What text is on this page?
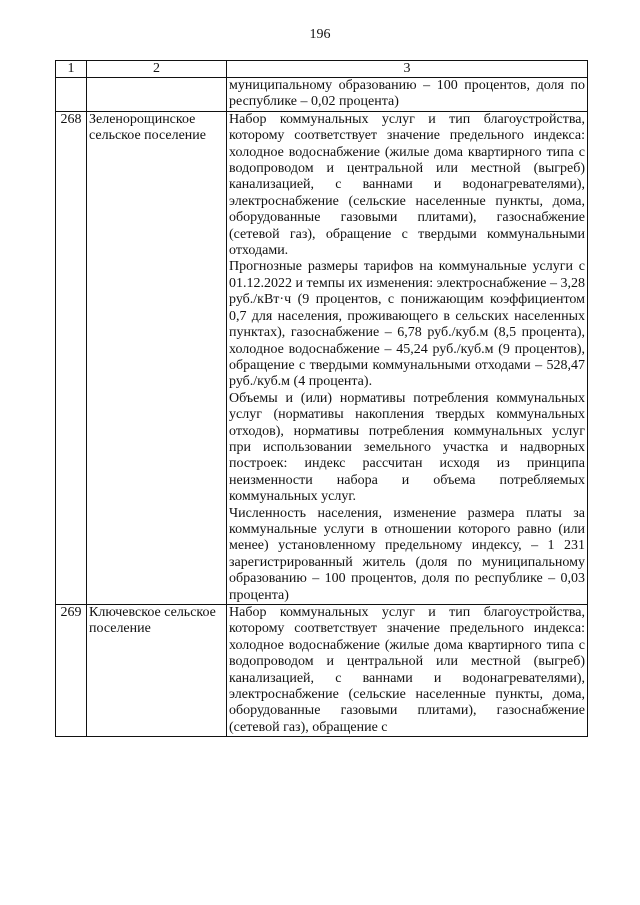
196
1	2	3

		муниципальному образованию – 100 процентов, доля по республике – 0,02 процента)

268	Зеленорощинское сельское поселение	Набор коммунальных услуг и тип благоустройства, которому соответствует значение предельного индекса: холодное водоснабжение (жилые дома квартирного типа с водопроводом и центральной или местной (выгреб) канализацией, с ваннами и водонагревателями), электроснабжение (сельские населенные пункты, дома, оборудованные газовыми плитами), газоснабжение (сетевой газ), обращение с твердыми коммунальными отходами.

Прогнозные размеры тарифов на коммунальные услуги с 01.12.2022 и темпы их изменения: электроснабжение – 3,28 руб./кВт·ч (9 процентов, с понижающим коэффициентом 0,7 для населения, проживающего в сельских населенных пунктах), газоснабжение – 6,78 руб./куб.м (8,5 процента), холодное водоснабжение – 45,24 руб./куб.м (9 процентов), обращение с твердыми коммунальными отходами – 528,47 руб./куб.м (4 процента).

Объемы и (или) нормативы потребления коммунальных услуг (нормативы накопления твердых коммунальных отходов), нормативы потребления коммунальных услуг при использовании земельного участка и надворных построек: индекс рассчитан исходя из принципа неизменности набора и объема потребляемых коммунальных услуг.

Численность населения, изменение размера платы за коммунальные услуги в отношении которого равно (или менее) установленному предельному индексу, – 1 231 зарегистрированный житель (доля по муниципальному образованию – 100 процентов, доля по республике – 0,03 процента)

269	Ключевское сельское поселение	Набор коммунальных услуг и тип благоустройства, которому соответствует значение предельного индекса: холодное водоснабжение (жилые дома квартирного типа с водопроводом и центральной или местной (выгреб) канализацией, с ваннами и водонагревателями), электроснабжение (сельские населенные пункты, дома, оборудованные газовыми плитами), газоснабжение (сетевой газ), обращение с
